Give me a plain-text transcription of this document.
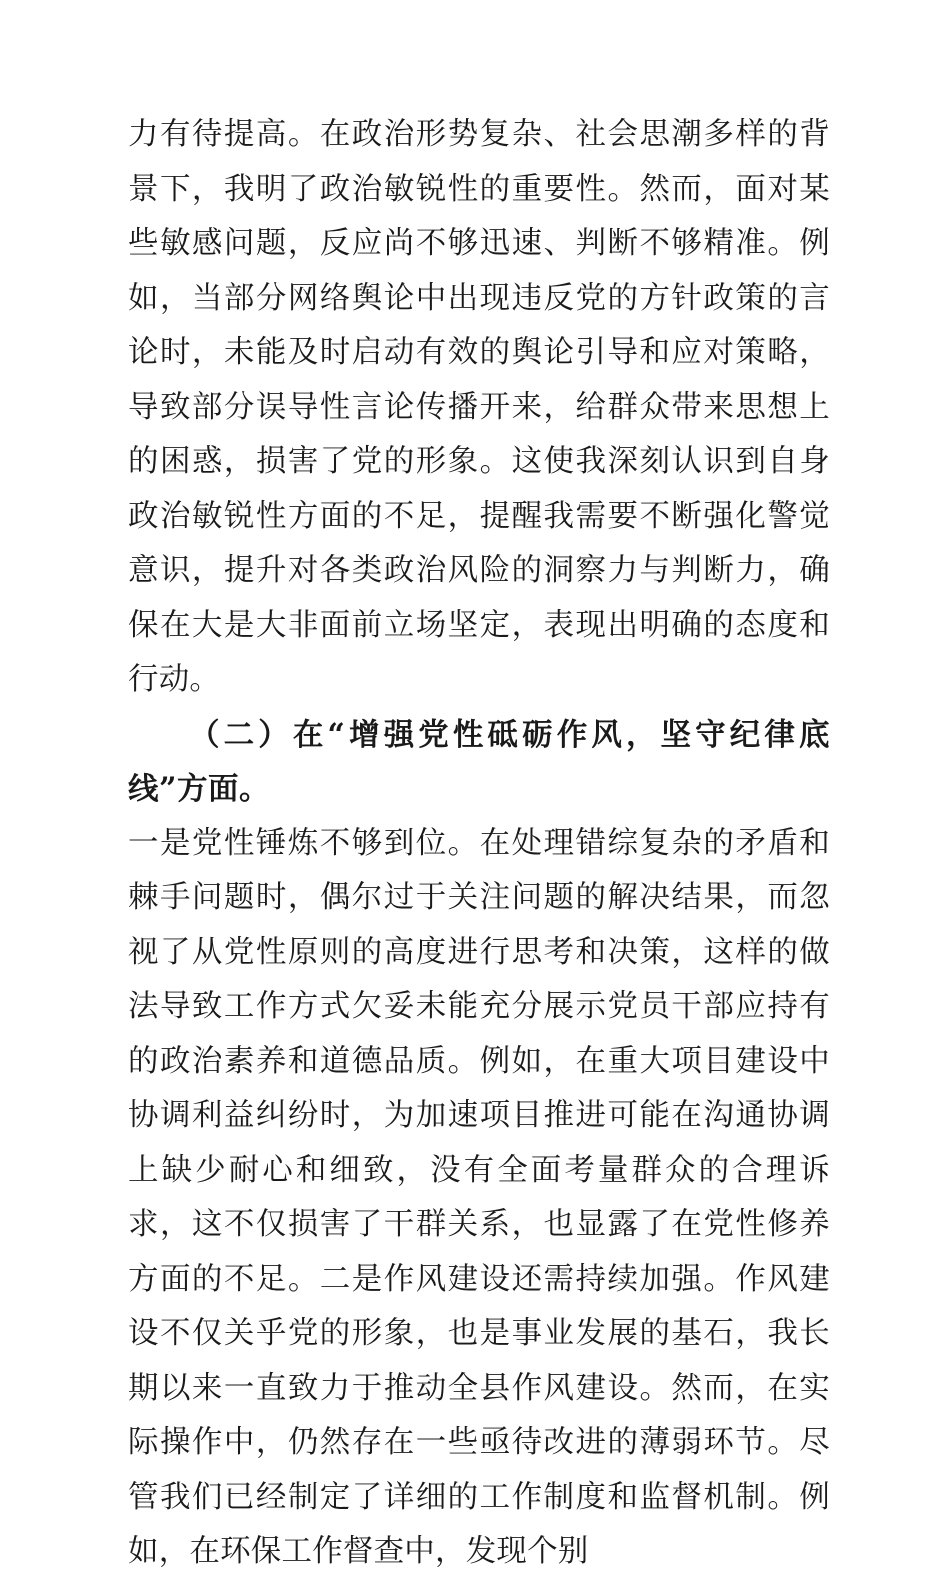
力有待提高。在政治形势复杂、社会思潮多样的背景下，我明了政治敏锐性的重要性。然而，面对某些敏感问题，反应尚不够迅速、判断不够精准。例如，当部分网络舆论中出现违反党的方针政策的言论时，未能及时启动有效的舆论引导和应对策略，导致部分误导性言论传播开来，给群众带来思想上的困惑，损害了党的形象。这使我深刻认识到自身政治敏锐性方面的不足，提醒我需要不断强化警觉意识，提升对各类政治风险的洞察力与判断力，确保在大是大非面前立场坚定，表现出明确的态度和行动。

（二）在“增强党性砥砺作风，坚守纪律底线”方面。

一是党性锤炼不够到位。在处理错综复杂的矛盾和棘手问题时，偶尔过于关注问题的解决结果，而忽视了从党性原则的高度进行思考和决策，这样的做法导致工作方式欠妥未能充分展示党员干部应持有的政治素养和道德品质。例如，在重大项目建设中协调利益纠纷时，为加速项目推进可能在沟通协调上缺少耐心和细致，没有全面考量群众的合理诉求，这不仅损害了干群关系，也显露了在党性修养方面的不足。二是作风建设还需持续加强。作风建设不仅关乎党的形象，也是事业发展的基石，我长期以来一直致力于推动全县作风建设。然而，在实际操作中，仍然存在一些亟待改进的薄弱环节。尽管我们已经制定了详细的工作制度和监督机制。例如，在环保工作督查中，发现个别
